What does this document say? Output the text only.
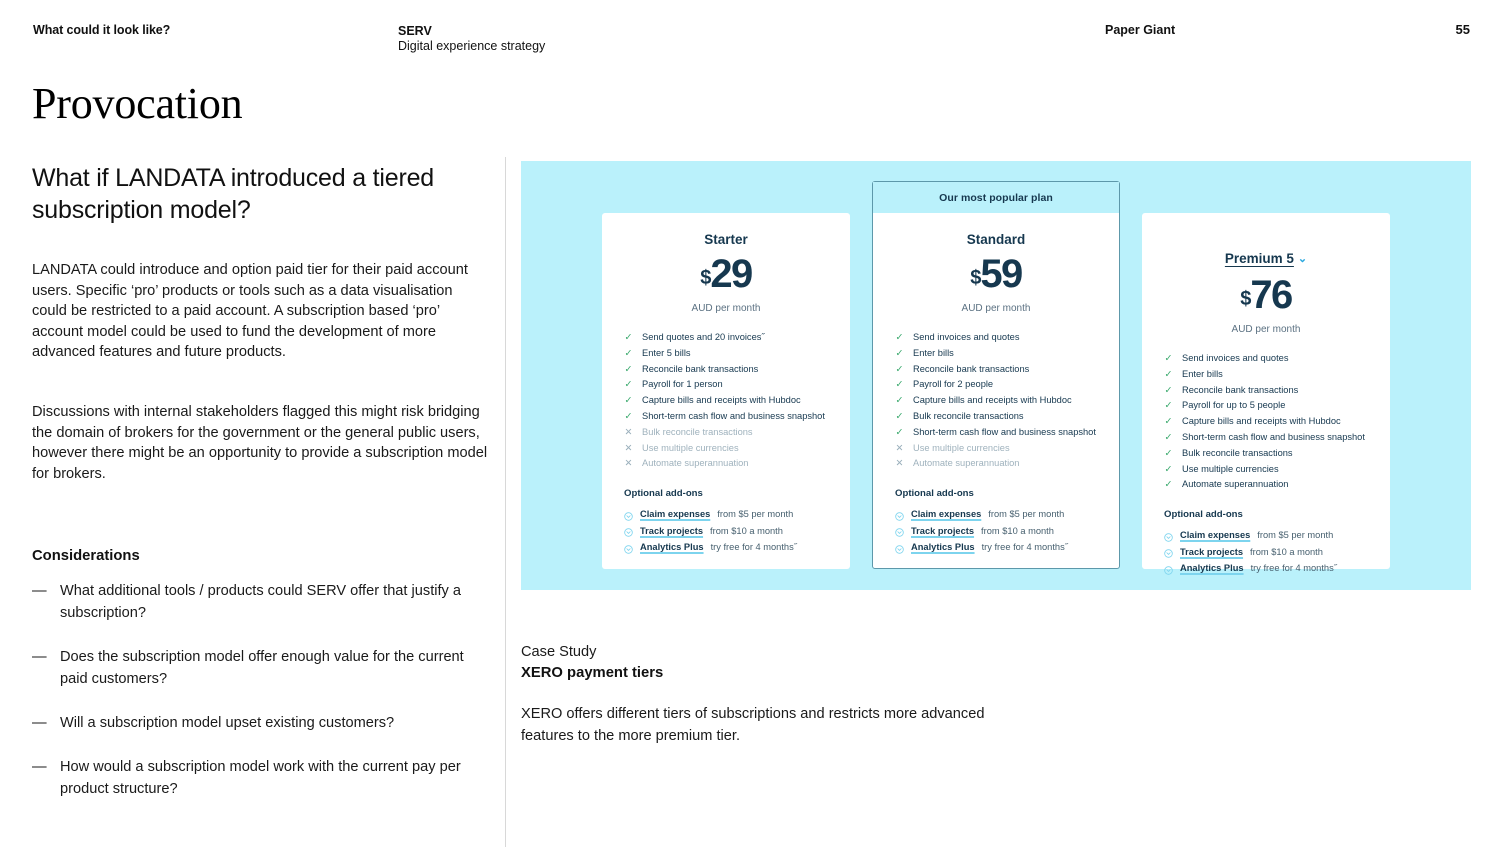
What could it look like?	SERV
Digital experience strategy
Paper Giant	55
Provocation
What if LANDATA introduced a tiered subscription model?
LANDATA could introduce and option paid tier for their paid account users. Specific ‘pro’ products or tools such as a data visualisation could be restricted to a paid account. A subscription based ‘pro’ account model could be used to fund the development of more advanced features and future products.
Discussions with internal stakeholders flagged this might risk bridging the domain of brokers for the government or the general public users, however there might be an opportunity to provide a subscription model for brokers.
Considerations
— What additional tools / products could SERV offer that justify a subscription?
— Does the subscription model offer enough value for the current paid customers?
— Will a subscription model upset existing customers?
— How would a subscription model work with the current pay per product structure?
Starter
$29
AUD per month
✓ Send quotes and 20 invoices˝
✓ Enter 5 bills
✓ Reconcile bank transactions
✓ Payroll for 1 person
✓ Capture bills and receipts with Hubdoc
✓ Short-term cash flow and business snapshot
✕ Bulk reconcile transactions
✕ Use multiple currencies
✕ Automate superannuation
Optional add-ons
Claim expenses from $5 per month
Track projects from $10 a month
Analytics Plus try free for 4 months˝
Our most popular plan
Standard
$59
AUD per month
✓ Send invoices and quotes
✓ Enter bills
✓ Reconcile bank transactions
✓ Payroll for 2 people
✓ Capture bills and receipts with Hubdoc
✓ Bulk reconcile transactions
✓ Short-term cash flow and business snapshot
✕ Use multiple currencies
✕ Automate superannuation
Optional add-ons
Claim expenses from $5 per month
Track projects from $10 a month
Analytics Plus try free for 4 months˝
Premium 5 ⌄
$76
AUD per month
✓ Send invoices and quotes
✓ Enter bills
✓ Reconcile bank transactions
✓ Payroll for up to 5 people
✓ Capture bills and receipts with Hubdoc
✓ Short-term cash flow and business snapshot
✓ Bulk reconcile transactions
✓ Use multiple currencies
✓ Automate superannuation
Optional add-ons
Claim expenses from $5 per month
Track projects from $10 a month
Analytics Plus try free for 4 months˝
Case Study
XERO payment tiers
XERO offers different tiers of subscriptions and restricts more advanced features to the more premium tier.
